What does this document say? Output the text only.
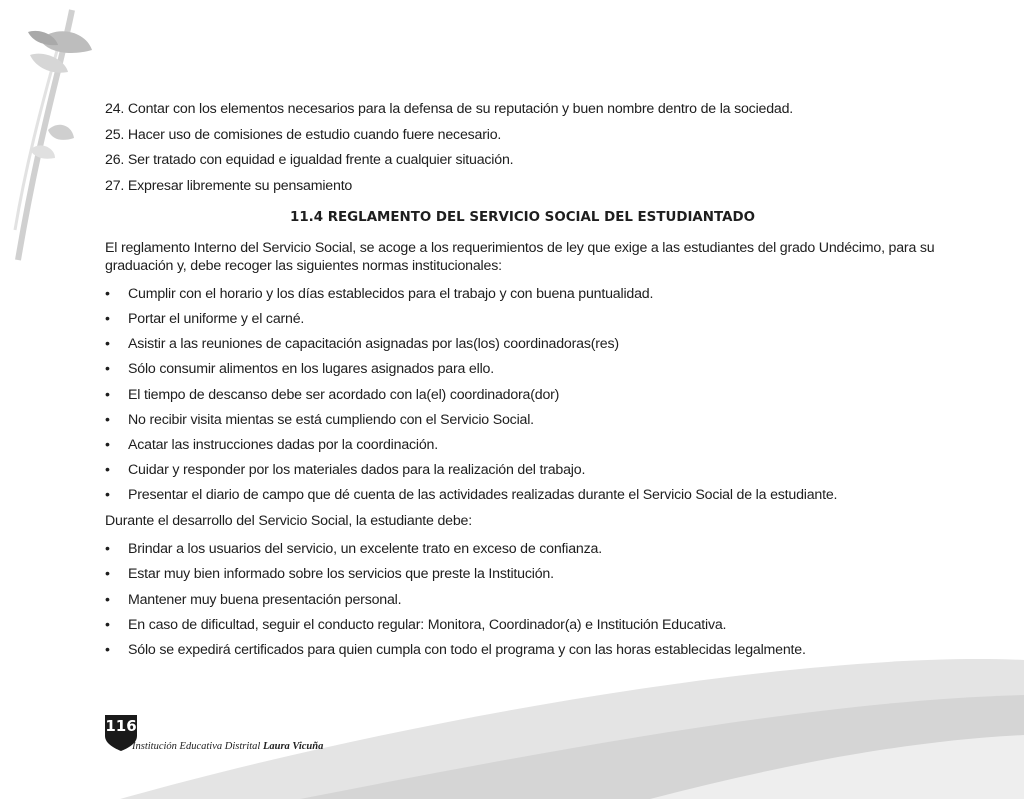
24. Contar con los elementos necesarios para la defensa de su reputación y buen nombre dentro de la sociedad.

25. Hacer uso de comisiones de estudio cuando fuere necesario.

26. Ser tratado con equidad e igualdad frente a cualquier situación.

27. Expresar libremente su pensamiento

11.4 REGLAMENTO DEL SERVICIO SOCIAL DEL ESTUDIANTADO

El reglamento Interno del Servicio Social, se acoge a los requerimientos de ley que exige a las estudiantes del grado Undécimo, para su graduación y, debe recoger las siguientes normas institucionales:

• Cumplir con el horario y los días establecidos para el trabajo y con buena puntualidad.
• Portar el uniforme y el carné.
• Asistir a las reuniones de capacitación asignadas por las(los) coordinadoras(res)
• Sólo consumir alimentos en los lugares asignados para ello.
• El tiempo de descanso debe ser acordado con la(el) coordinadora(dor)
• No recibir visita mientas se está cumpliendo con el Servicio Social.
• Acatar las instrucciones dadas por la coordinación.
• Cuidar y responder por los materiales dados para la realización del trabajo.
• Presentar el diario de campo que dé cuenta de las actividades realizadas durante el Servicio Social de la estudiante.

Durante el desarrollo del Servicio Social, la estudiante debe:

• Brindar a los usuarios del servicio, un excelente trato en exceso de confianza.
• Estar muy bien informado sobre los servicios que preste la Institución.
• Mantener muy buena presentación personal.
• En caso de dificultad, seguir el conducto regular: Monitora, Coordinador(a) e Institución Educativa.
• Sólo se expedirá certificados para quien cumpla con todo el programa y con las horas establecidas legalmente.
116
Institución Educativa Distrital Laura Vicuña
